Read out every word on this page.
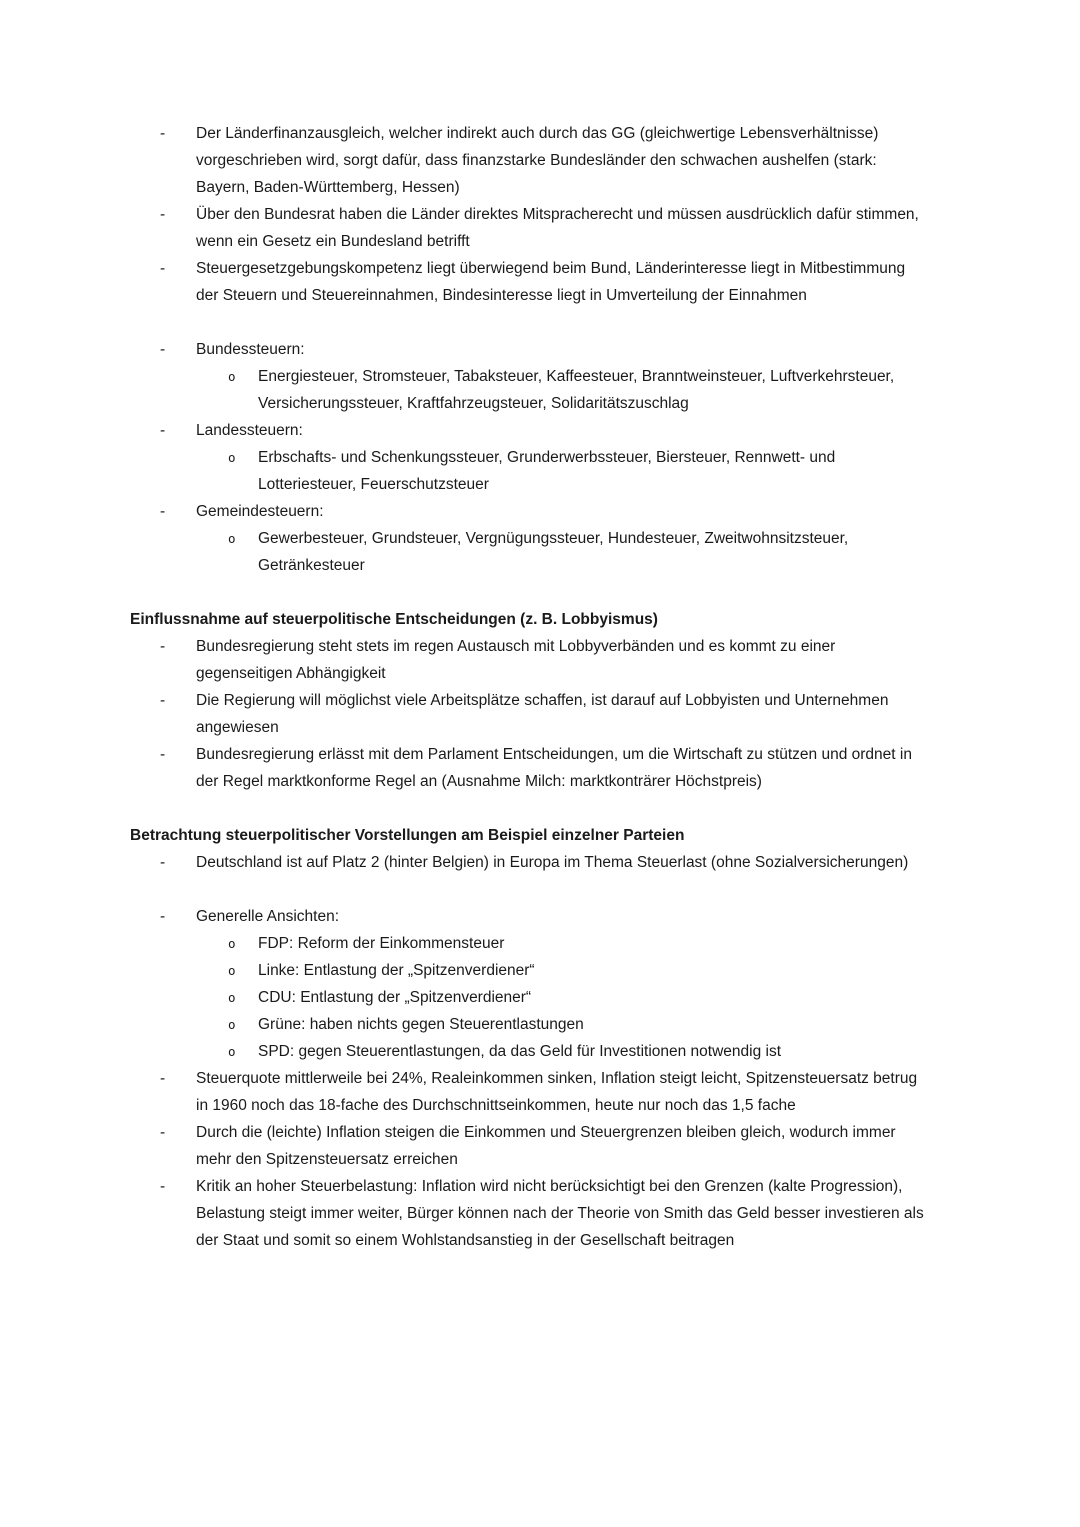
-	Der Länderfinanzausgleich, welcher indirekt auch durch das GG (gleichwertige Lebensverhältnisse) vorgeschrieben wird, sorgt dafür, dass finanzstarke Bundesländer den schwachen aushelfen (stark: Bayern, Baden-Württemberg, Hessen)
-	Über den Bundesrat haben die Länder direktes Mitspracherecht und müssen ausdrücklich dafür stimmen, wenn ein Gesetz ein Bundesland betrifft
-	Steuergesetzgebungskompetenz liegt überwiegend beim Bund, Länderinteresse liegt in Mitbestimmung der Steuern und Steuereinnahmen, Bindesinteresse liegt in Umverteilung der Einnahmen
-	Bundessteuern:
o	Energiesteuer, Stromsteuer, Tabaksteuer, Kaffeesteuer, Branntweinsteuer, Luftverkehrsteuer, Versicherungssteuer, Kraftfahrzeugsteuer, Solidaritätszuschlag
-	Landessteuern:
o	Erbschafts- und Schenkungssteuer, Grunderwerbssteuer, Biersteuer, Rennwett- und Lotteriesteuer, Feuerschutzsteuer
-	Gemeindesteuern:
o	Gewerbesteuer, Grundsteuer, Vergnügungssteuer, Hundesteuer, Zweitwohnsitzsteuer, Getränkesteuer
Einflussnahme auf steuerpolitische Entscheidungen (z. B. Lobbyismus)
-	Bundesregierung steht stets im regen Austausch mit Lobbyverbänden und es kommt zu einer gegenseitigen Abhängigkeit
-	Die Regierung will möglichst viele Arbeitsplätze schaffen, ist darauf auf Lobbyisten und Unternehmen angewiesen
-	Bundesregierung erlässt mit dem Parlament Entscheidungen, um die Wirtschaft zu stützen und ordnet in der Regel marktkonforme Regel an (Ausnahme Milch: marktkonträrer Höchstpreis)
Betrachtung steuerpolitischer Vorstellungen am Beispiel einzelner Parteien
-	Deutschland ist auf Platz 2 (hinter Belgien) in Europa im Thema Steuerlast (ohne Sozialversicherungen)
-	Generelle Ansichten:
o	FDP: Reform der Einkommensteuer
o	Linke: Entlastung der „Spitzenverdiener“
o	CDU: Entlastung der „Spitzenverdiener“
o	Grüne: haben nichts gegen Steuerentlastungen
o	SPD: gegen Steuerentlastungen, da das Geld für Investitionen notwendig ist
-	Steuerquote mittlerweile bei 24%, Realeinkommen sinken, Inflation steigt leicht, Spitzensteuersatz betrug in 1960 noch das 18-fache des Durchschnittseinkommen, heute nur noch das 1,5 fache
-	Durch die (leichte) Inflation steigen die Einkommen und Steuergrenzen bleiben gleich, wodurch immer mehr den Spitzensteuersatz erreichen
-	Kritik an hoher Steuerbelastung: Inflation wird nicht berücksichtigt bei den Grenzen (kalte Progression), Belastung steigt immer weiter, Bürger können nach der Theorie von Smith das Geld besser investieren als der Staat und somit so einem Wohlstandsanstieg in der Gesellschaft beitragen
